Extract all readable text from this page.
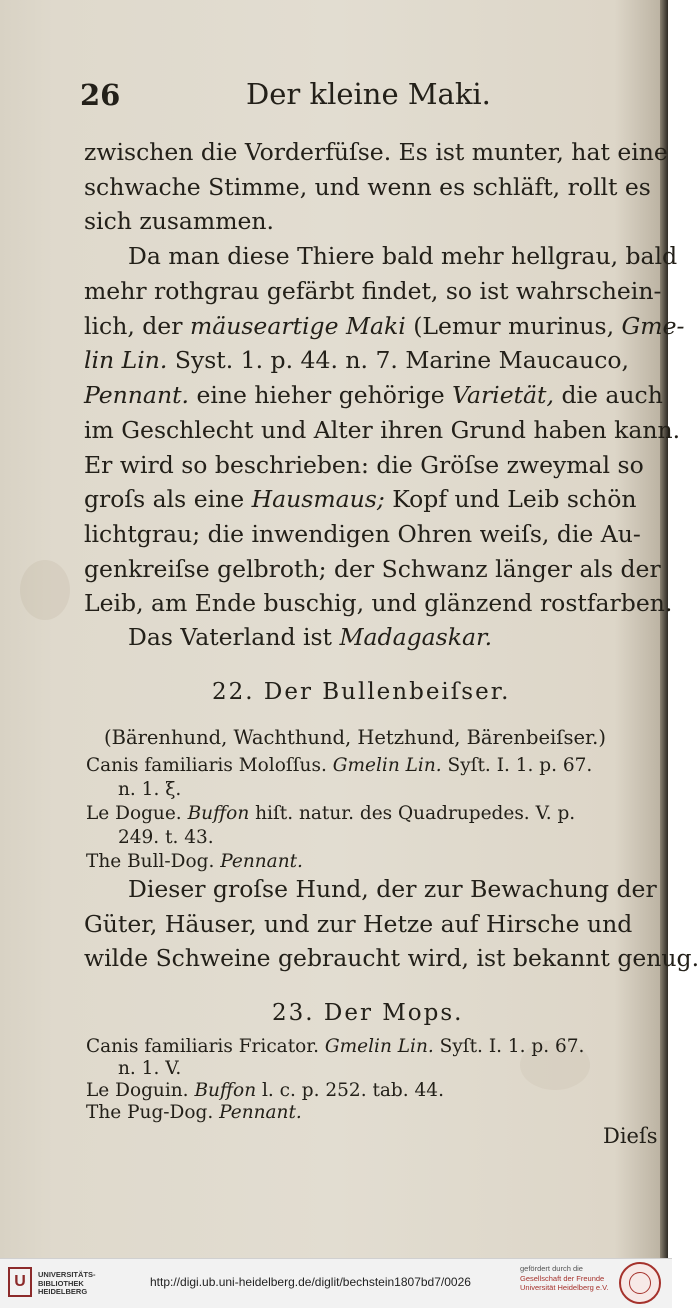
26	Der kleine Maki.
zwischen die Vorderfüſse. Es ist munter, hat eine
schwache Stimme, und wenn es schläft, rollt es
sich zusammen.
Da man diese Thiere bald mehr hellgrau, bald
mehr rothgrau gefärbt findet, so ist wahrschein-
lich, der mäuseartige Maki (Lemur murinus, Gme-
lin Lin. Syst. 1. p. 44. n. 7. Marine Maucauco,
Pennant. eine hieher gehörige Varietät, die auch
im Geschlecht und Alter ihren Grund haben kann.
Er wird so beschrieben: die Gröſse zweymal so
groſs als eine Hausmaus; Kopf und Leib schön
lichtgrau; die inwendigen Ohren weiſs, die Au-
genkreiſse gelbroth; der Schwanz länger als der
Leib, am Ende buschig, und glänzend rostfarben.
Das Vaterland ist Madagaskar.
22. Der Bullenbeiſser.
(Bärenhund, Wachthund, Hetzhund, Bärenbeiſser.)
Canis familiaris Moloſſus. Gmelin Lin. Syſt. I. 1. p. 67.
n. 1. ξ.
Le Dogue. Buffon hiſt. natur. des Quadrupedes. V. p.
249. t. 43.
The Bull-Dog. Pennant.
Dieser groſse Hund, der zur Bewachung der
Güter, Häuser, und zur Hetze auf Hirsche und
wilde Schweine gebraucht wird, ist bekannt genug.
23. Der Mops.
Canis familiaris Fricator. Gmelin Lin. Syſt. I. 1. p. 67.
n. 1. V.
Le Doguin. Buffon l. c. p. 252. tab. 44.
The Pug-Dog. Pennant.
Dieſs
U	UNIVERSITÄTS-
BIBLIOTHEK
HEIDELBERG
http://digi.ub.uni-heidelberg.de/diglit/bechstein1807bd7/0026
gefördert durch die
Gesellschaft der Freunde
Universität Heidelberg e.V.
